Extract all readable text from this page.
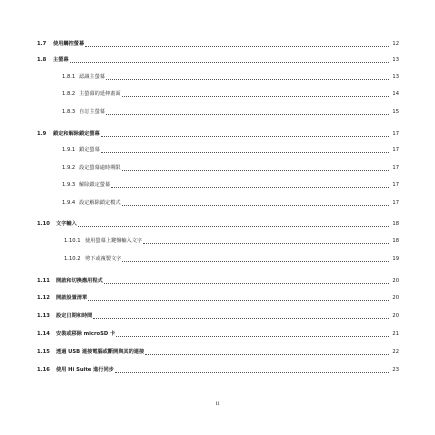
1.7 使用觸控螢幕	12
1.8 主螢幕	13
1.8.1 認識主螢幕	13
1.8.2 主螢幕的延伸畫面	14
1.8.3 自訂主螢幕	15
1.9 鎖定和解除鎖定螢幕	17
1.9.1 鎖定螢幕	17
1.9.2 設定螢幕逾時期限	17
1.9.3 解除鎖定螢幕	17
1.9.4 設定解除鎖定模式	17
1.10 文字輸入	18
1.10.1 使用螢幕上鍵盤輸入文字	18
1.10.2 剪下或複製文字	19
1.11 開啟和切換應用程式	20
1.12 開啟設置清單	20
1.13 設定日期和時間	20
1.14 安裝或移除 microSD 卡	21
1.15 透過 USB 連接電腦或斷開與其的連接	22
1.16 使用 Hi Suite 進行同步	23
ii
